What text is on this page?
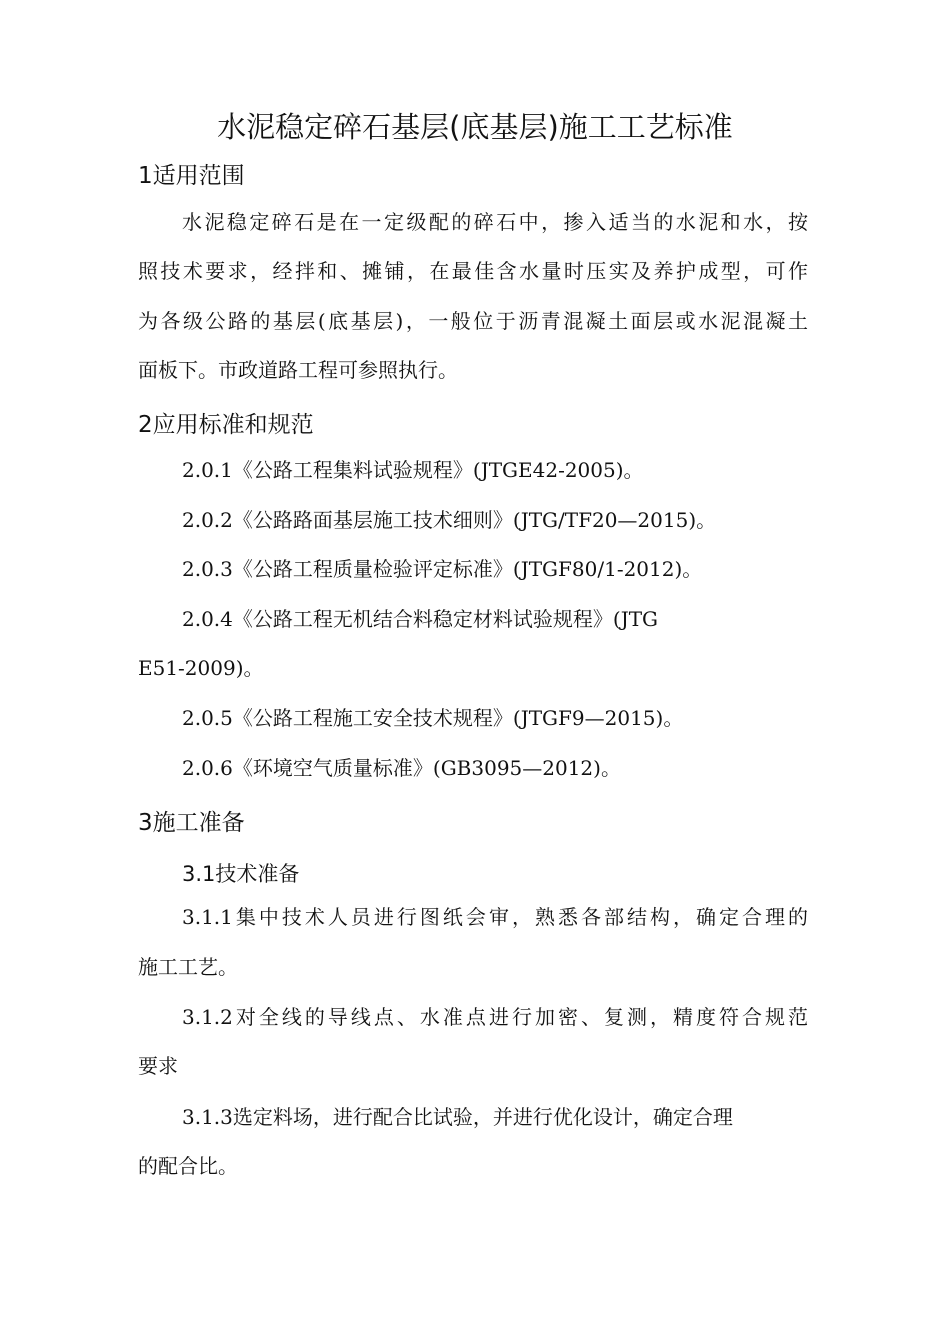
水泥稳定碎石基层(底基层)施工工艺标准
1适用范围
水泥稳定碎石是在一定级配的碎石中，掺入适当的水泥和水，按
照技术要求，经拌和、摊铺，在最佳含水量时压实及养护成型，可作
为各级公路的基层(底基层)，一般位于沥青混凝土面层或水泥混凝土
面板下。市政道路工程可参照执行。
2应用标准和规范
2.0.1《公路工程集料试验规程》(JTGE42-2005)。
2.0.2《公路路面基层施工技术细则》(JTG/TF20—2015)。
2.0.3《公路工程质量检验评定标准》(JTGF80/1-2012)。
2.0.4《公路工程无机结合料稳定材料试验规程》(JTG
E51-2009)。
2.0.5《公路工程施工安全技术规程》(JTGF9—2015)。
2.0.6《环境空气质量标准》(GB3095—2012)。
3施工准备
3.1技术准备
3.1.1集中技术人员进行图纸会审，熟悉各部结构，确定合理的
施工工艺。
3.1.2对全线的导线点、水准点进行加密、复测，精度符合规范
要求
3.1.3选定料场，进行配合比试验，并进行优化设计，确定合理
的配合比。
